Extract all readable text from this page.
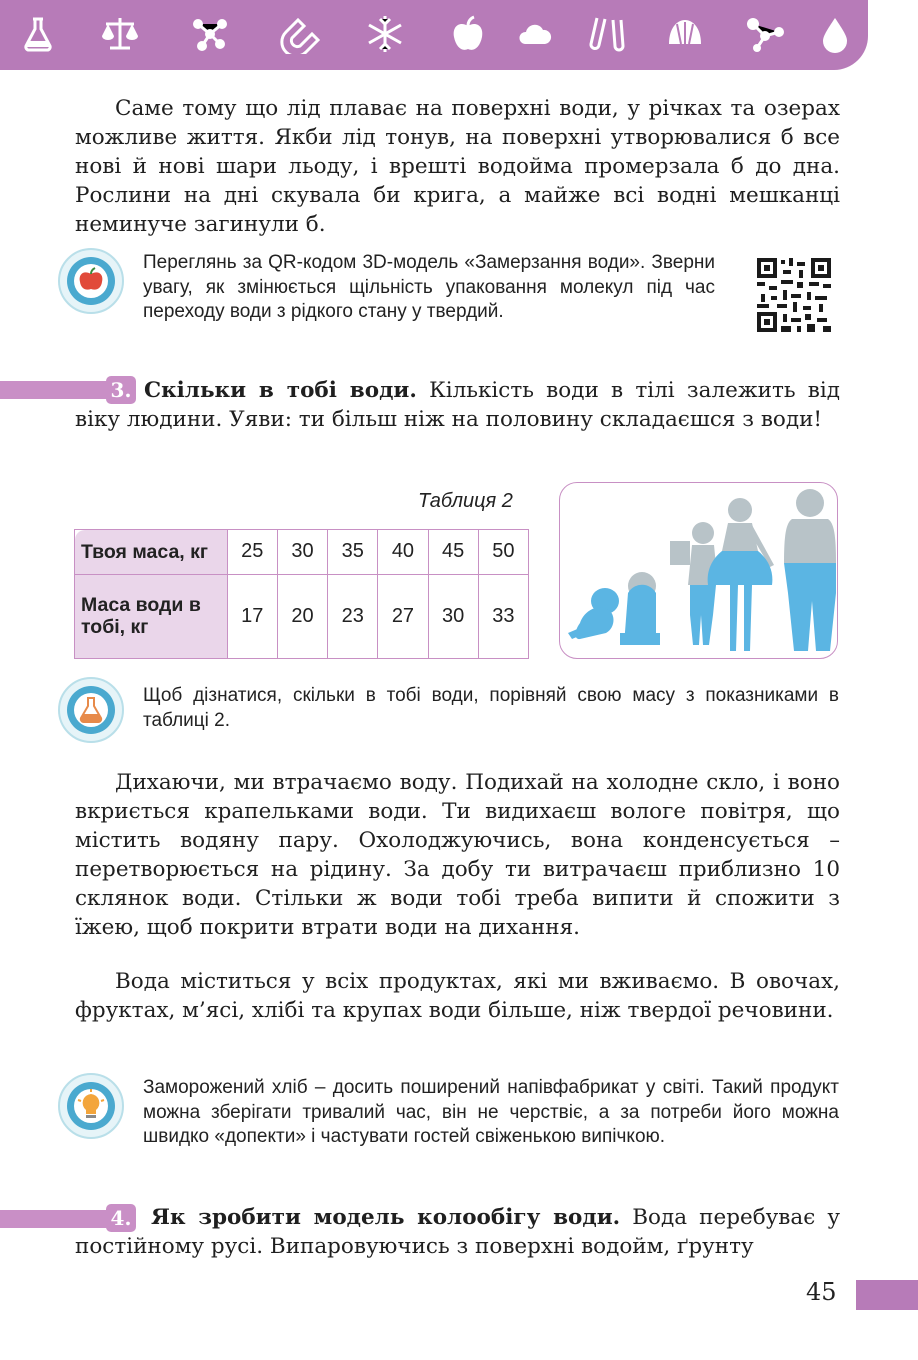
Саме тому що лід плаває на поверхні води, у річках та озерах можливе життя. Якби лід тонув, на поверхні утворювалися б все нові й нові шари льоду, і врешті водойма промерзала б до дна. Рослини на дні скувала би крига, а майже всі водні мешканці неминуче загинули б.

Переглянь за QR-кодом 3D-модель «Замерзання води». Зверни увагу, як змінюється щільність упаковання молекул під час переходу води з рідкого стану у твердий.

3. Скільки в тобі води. Кількість води в тілі залежить від віку людини. Уяви: ти більш ніж на половину складаєшся з води!

Таблиця 2
Твоя маса, кг	25	30	35	40	45	50
Маса води в тобі, кг	17	20	23	27	30	33

Щоб дізнатися, скільки в тобі води, порівняй свою масу з показниками в таблиці 2.

Дихаючи, ми втрачаємо воду. Подихай на холодне скло, і воно вкриється крапельками води. Ти видихаєш вологе повітря, що містить водяну пару. Охолоджуючись, вона конденсується – перетворюється на рідину. За добу ти витрачаєш приблизно 10 склянок води. Стільки ж води тобі треба випити й спожити з їжею, щоб покрити втрати води на дихання.

Вода міститься у всіх продуктах, які ми вживаємо. В овочах, фруктах, м’ясі, хлібі та крупах води більше, ніж твердої речовини.

Заморожений хліб – досить поширений напівфабрикат у світі. Такий продукт можна зберігати тривалий час, він не черствіє, а за потреби його можна швидко «допекти» і частувати гостей свіженькою випічкою.

4. Як зробити модель колообігу води. Вода перебуває у постійному русі. Випаровуючись з поверхні водойм, ґрунту

45
